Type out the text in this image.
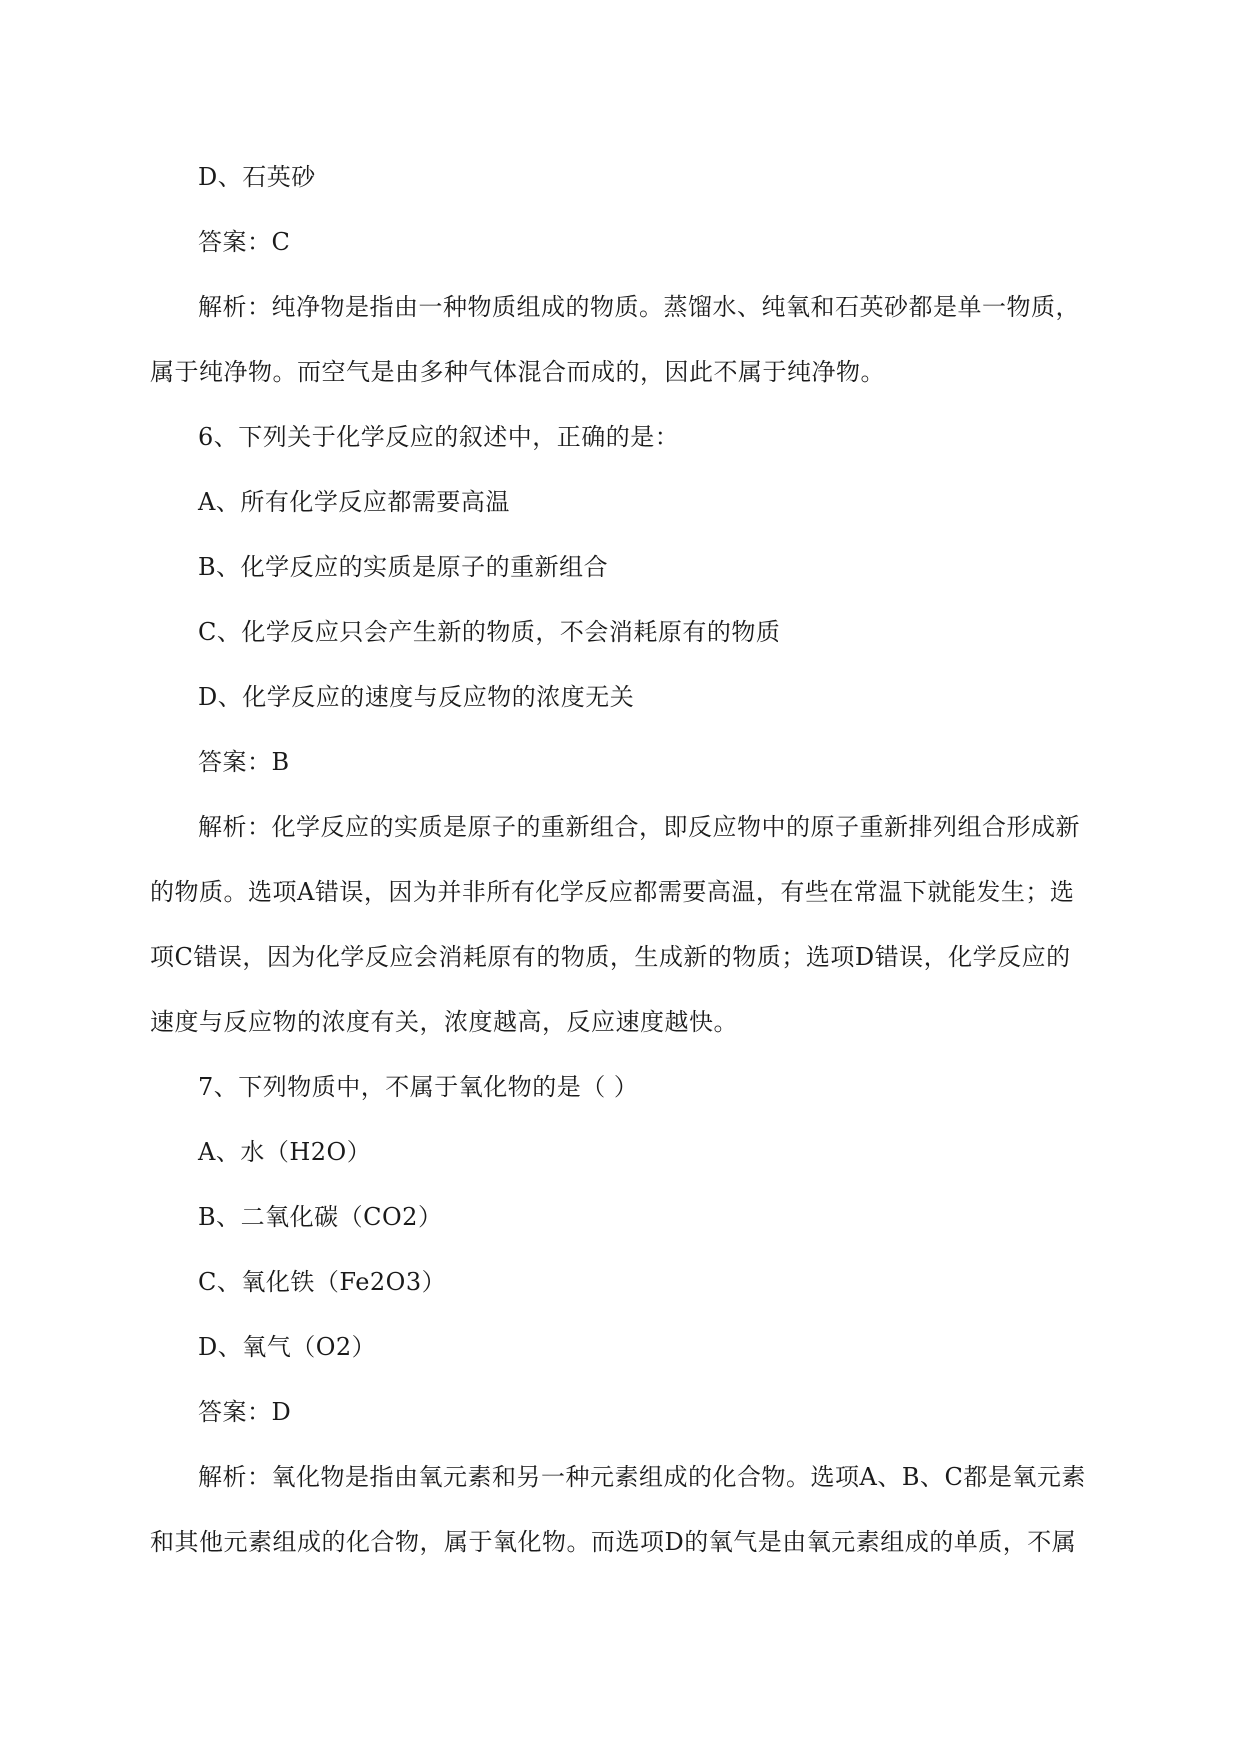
D、石英砂
答案：C
解析：纯净物是指由一种物质组成的物质。蒸馏水、纯氧和石英砂都是单一物质，
属于纯净物。而空气是由多种气体混合而成的，因此不属于纯净物。
6、下列关于化学反应的叙述中，正确的是：
A、所有化学反应都需要高温
B、化学反应的实质是原子的重新组合
C、化学反应只会产生新的物质，不会消耗原有的物质
D、化学反应的速度与反应物的浓度无关
答案：B
解析：化学反应的实质是原子的重新组合，即反应物中的原子重新排列组合形成新
的物质。选项A错误，因为并非所有化学反应都需要高温，有些在常温下就能发生；选
项C错误，因为化学反应会消耗原有的物质，生成新的物质；选项D错误，化学反应的
速度与反应物的浓度有关，浓度越高，反应速度越快。
7、下列物质中，不属于氧化物的是（ ）
A、水（H2O）
B、二氧化碳（CO2）
C、氧化铁（Fe2O3）
D、氧气（O2）
答案：D
解析：氧化物是指由氧元素和另一种元素组成的化合物。选项A、B、C都是氧元素
和其他元素组成的化合物，属于氧化物。而选项D的氧气是由氧元素组成的单质，不属
